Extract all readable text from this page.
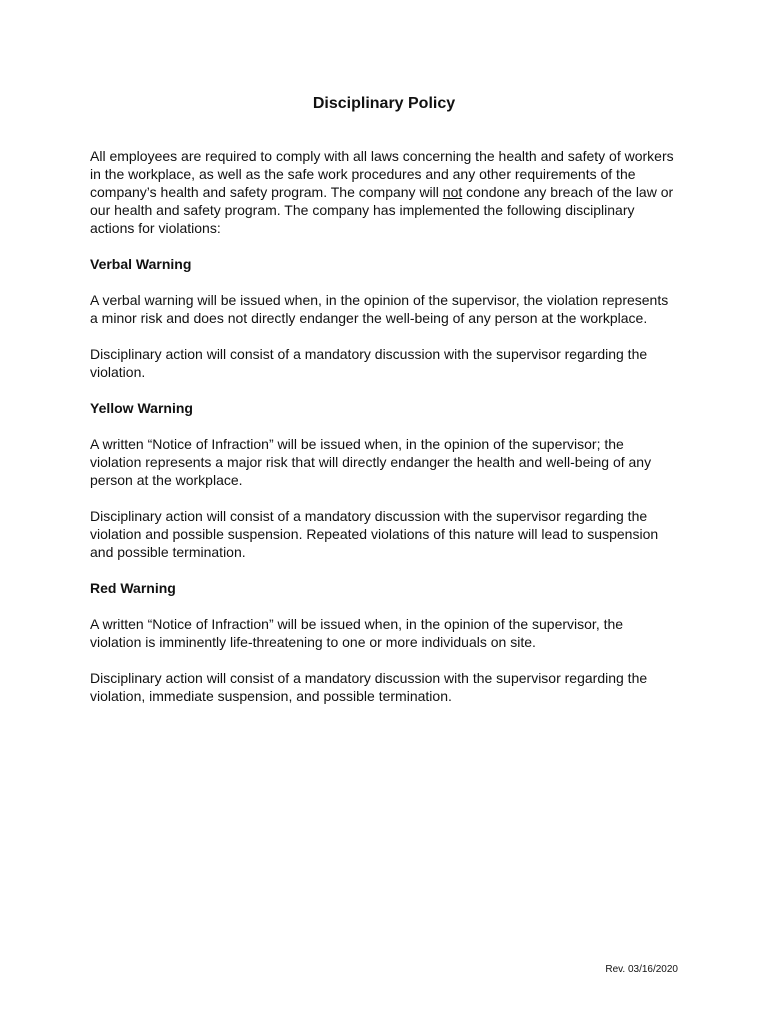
Disciplinary Policy

All employees are required to comply with all laws concerning the health and safety of workers in the workplace, as well as the safe work procedures and any other requirements of the company’s health and safety program. The company will not condone any breach of the law or our health and safety program. The company has implemented the following disciplinary actions for violations:

Verbal Warning

A verbal warning will be issued when, in the opinion of the supervisor, the violation represents a minor risk and does not directly endanger the well-being of any person at the workplace.

Disciplinary action will consist of a mandatory discussion with the supervisor regarding the violation.

Yellow Warning

A written “Notice of Infraction” will be issued when, in the opinion of the supervisor; the violation represents a major risk that will directly endanger the health and well-being of any person at the workplace.

Disciplinary action will consist of a mandatory discussion with the supervisor regarding the violation and possible suspension. Repeated violations of this nature will lead to suspension and possible termination.

Red Warning

A written “Notice of Infraction” will be issued when, in the opinion of the supervisor, the violation is imminently life-threatening to one or more individuals on site.

Disciplinary action will consist of a mandatory discussion with the supervisor regarding the violation, immediate suspension, and possible termination.

Rev. 03/16/2020
